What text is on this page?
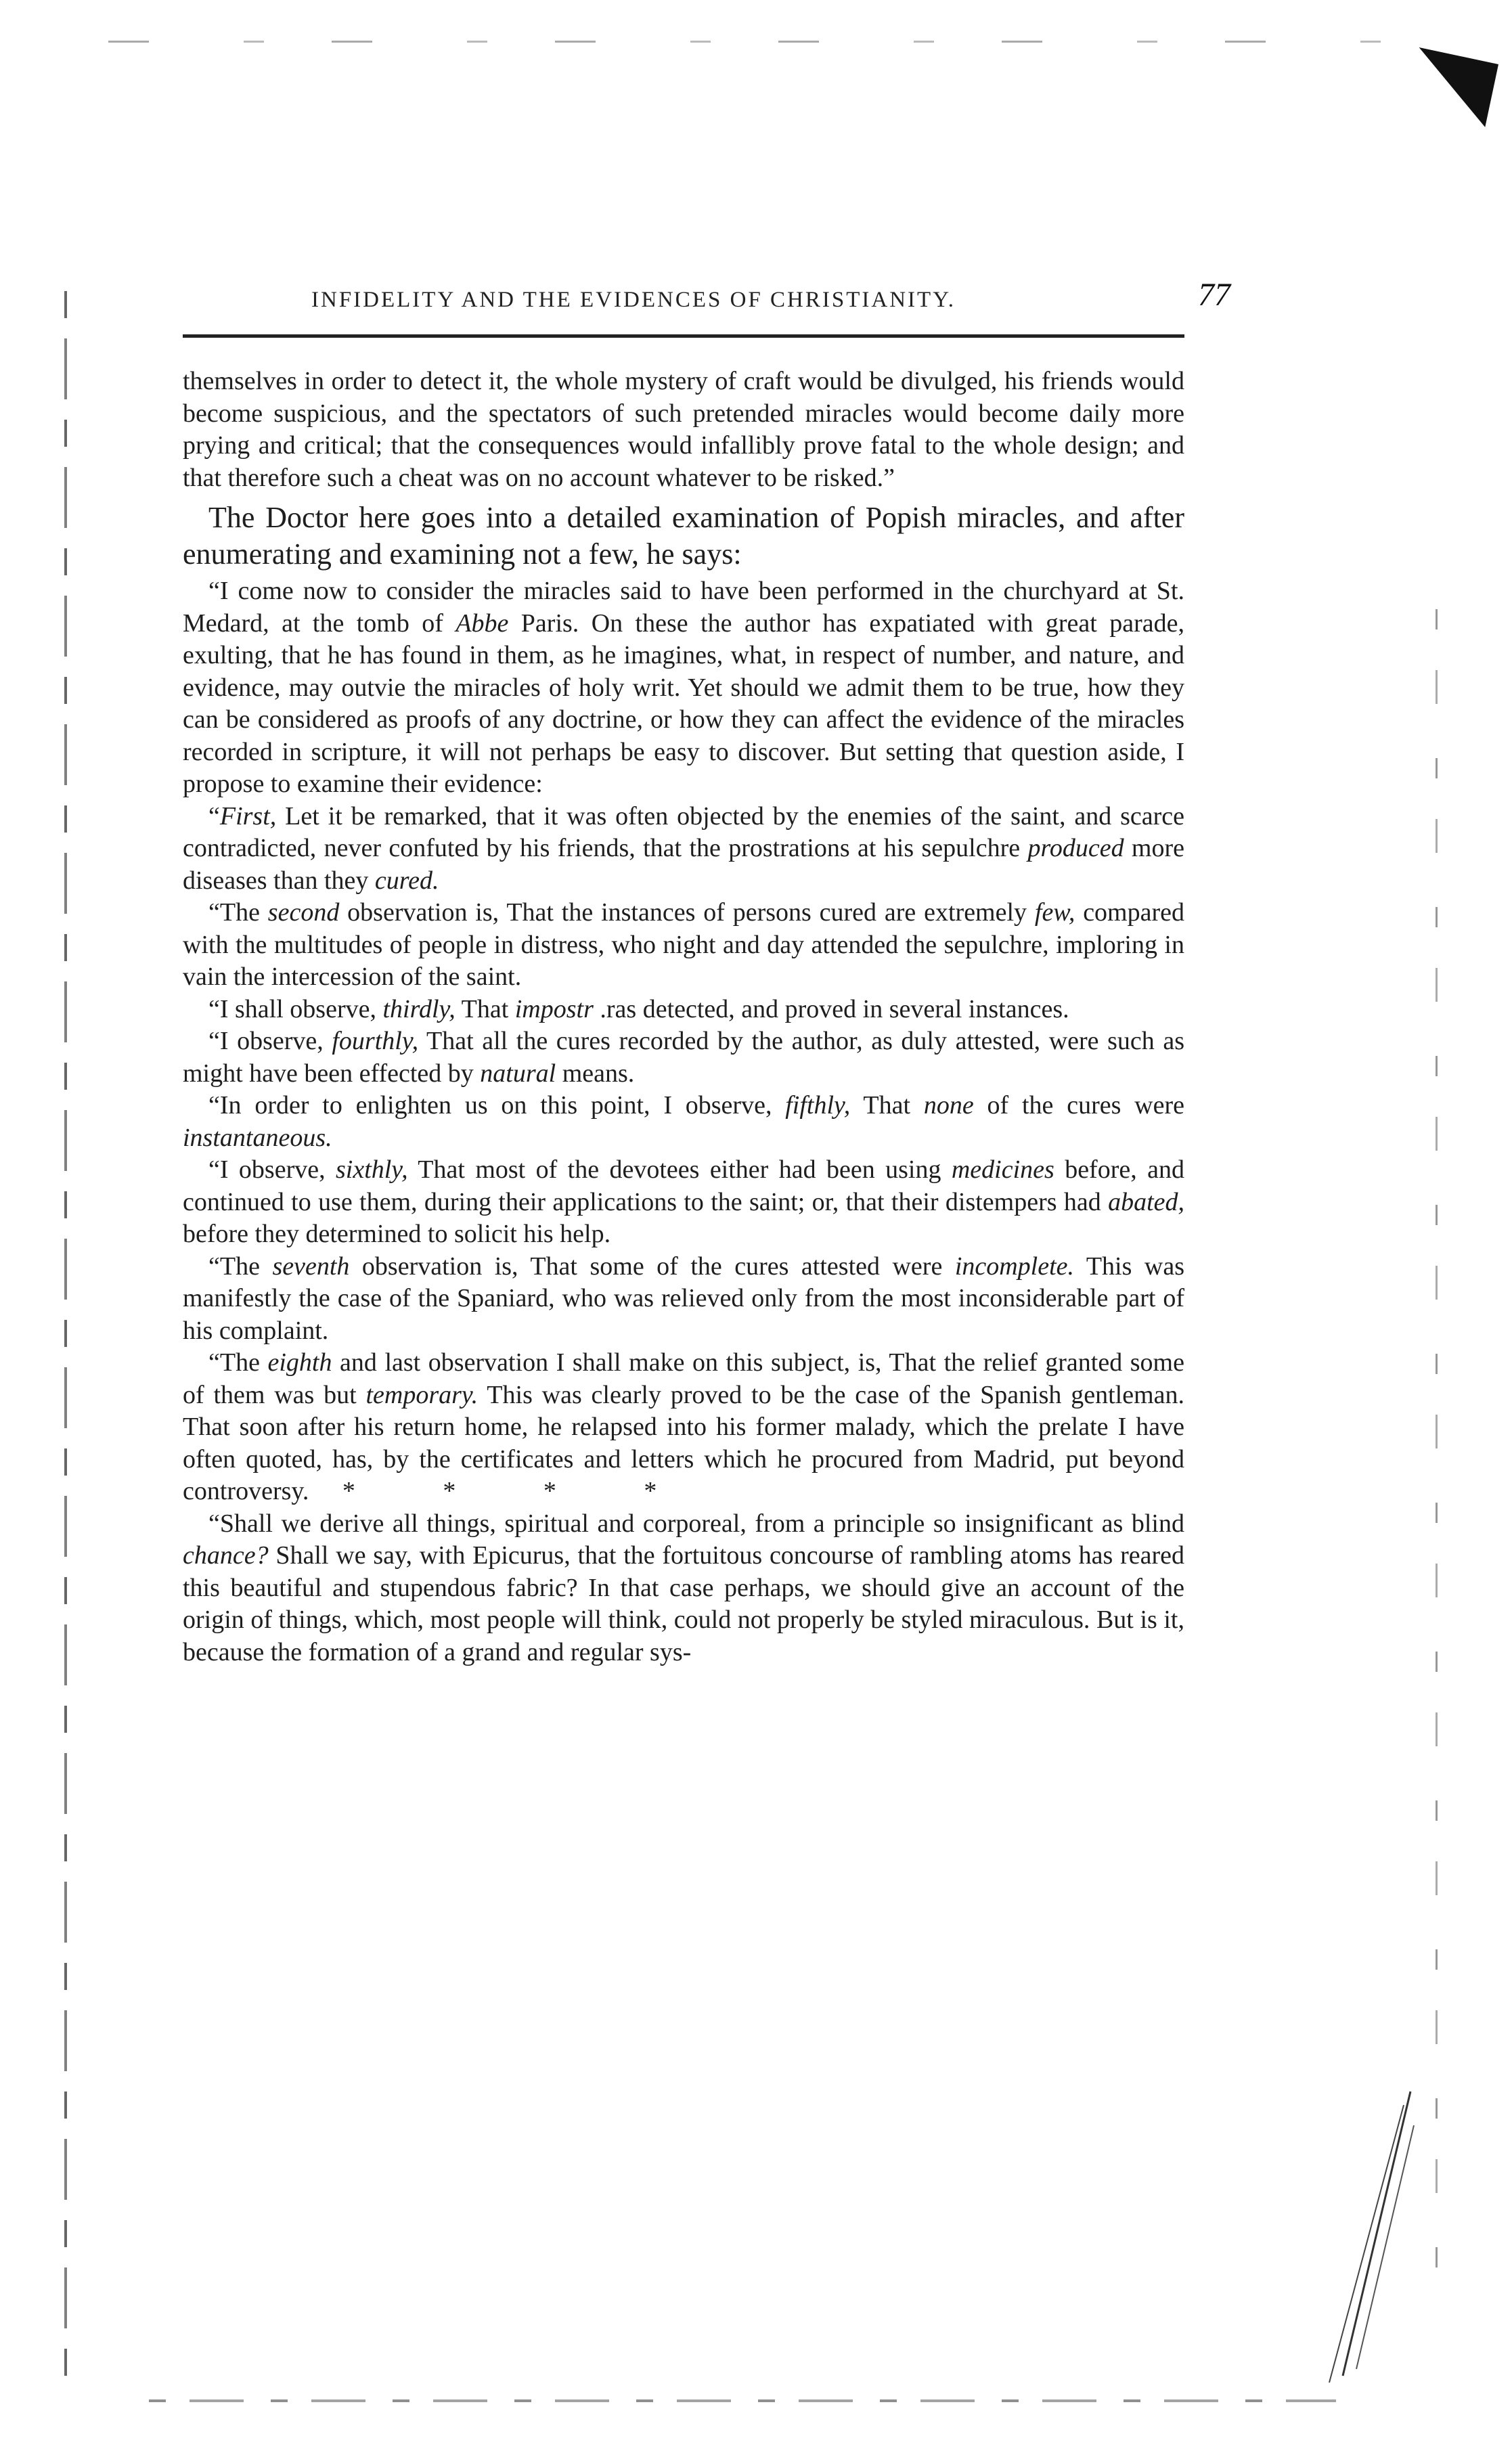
INFIDELITY AND THE EVIDENCES OF CHRISTIANITY.	77

themselves in order to detect it, the whole mystery of craft would be divulged, his friends would become suspicious, and the spectators of such pretended miracles would become daily more prying and critical; that the consequences would infallibly prove fatal to the whole design; and that therefore such a cheat was on no account whatever to be risked.”

The Doctor here goes into a detailed examination of Popish miracles, and after enumerating and examining not a few, he says:

“I come now to consider the miracles said to have been performed in the churchyard at St. Medard, at the tomb of Abbe Paris. On these the author has expatiated with great parade, exulting, that he has found in them, as he imagines, what, in respect of number, and nature, and evidence, may outvie the miracles of holy writ. Yet should we admit them to be true, how they can be considered as proofs of any doctrine, or how they can affect the evidence of the miracles recorded in scripture, it will not perhaps be easy to discover. But setting that question aside, I propose to examine their evidence:

“First, Let it be remarked, that it was often objected by the enemies of the saint, and scarce contradicted, never confuted by his friends, that the prostrations at his sepulchre produced more diseases than they cured.

“The second observation is, That the instances of persons cured are extremely few, compared with the multitudes of people in distress, who night and day attended the sepulchre, imploring in vain the intercession of the saint.

“I shall observe, thirdly, That impostr .ras detected, and proved in several instances.

“I observe, fourthly, That all the cures recorded by the author, as duly attested, were such as might have been effected by natural means.

“In order to enlighten us on this point, I observe, fifthly, That none of the cures were instantaneous.

“I observe, sixthly, That most of the devotees either had been using medicines before, and continued to use them, during their applications to the saint; or, that their distempers had abated, before they determined to solicit his help.

“The seventh observation is, That some of the cures attested were incomplete. This was manifestly the case of the Spaniard, who was relieved only from the most inconsiderable part of his complaint.

“The eighth and last observation I shall make on this subject, is, That the relief granted some of them was but temporary. This was clearly proved to be the case of the Spanish gentleman. That soon after his return home, he relapsed into his former malady, which the prelate I have often quoted, has, by the certificates and letters which he procured from Madrid, put beyond controversy. * * * *

“Shall we derive all things, spiritual and corporeal, from a principle so insignificant as blind chance? Shall we say, with Epicurus, that the fortuitous concourse of rambling atoms has reared this beautiful and stupendous fabric? In that case perhaps, we should give an account of the origin of things, which, most people will think, could not properly be styled miraculous. But is it, because the formation of a grand and regular sys-
